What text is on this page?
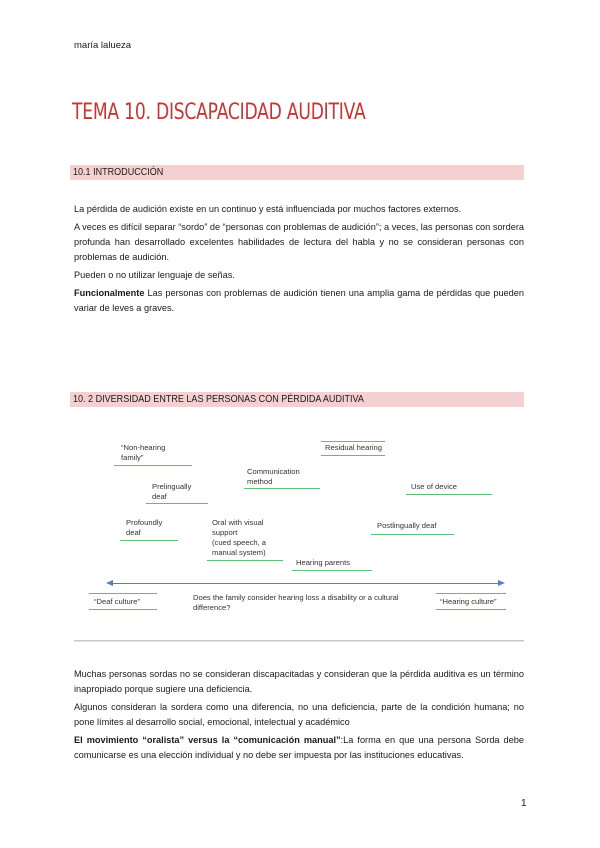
maría lalueza
TEMA 10. DISCAPACIDAD AUDITIVA
10.1 INTRODUCCIÓN

La pérdida de audición existe en un continuo y está influenciada por muchos factores externos.

A veces es difícil separar “sordo” de “personas con problemas de audición”; a veces, las personas con sordera profunda han desarrollado excelentes habilidades de lectura del habla y no se consideran personas con problemas de audición.

Pueden o no utilizar lenguaje de señas.

Funcionalmente Las personas con problemas de audición tienen una amplia gama de pérdidas que pueden variar de leves a graves.

10. 2 DIVERSIDAD ENTRE LAS PERSONAS CON PÉRDIDA AUDITIVA
“Non-hearing
family”
Residual hearing
Communication
method
Prelingually
deaf
Use of device
Profoundly
deaf
Oral with visual
support
(cued speech, a
manual system)
Postlingually deaf
Hearing parents
“Deaf culture”	Does the family consider hearing loss a disability or a cultural
difference?
“Hearing culture”

Muchas personas sordas no se consideran discapacitadas y consideran que la pérdida auditiva es un término inapropiado porque sugiere una deficiencia.

Algunos consideran la sordera como una diferencia, no una deficiencia, parte de la condición humana; no pone límites al desarrollo social, emocional, intelectual y académico

El movimiento “oralista” versus la “comunicación manual”:La forma en que una persona Sorda debe comunicarse es una elección individual y no debe ser impuesta por las instituciones educativas.

1
